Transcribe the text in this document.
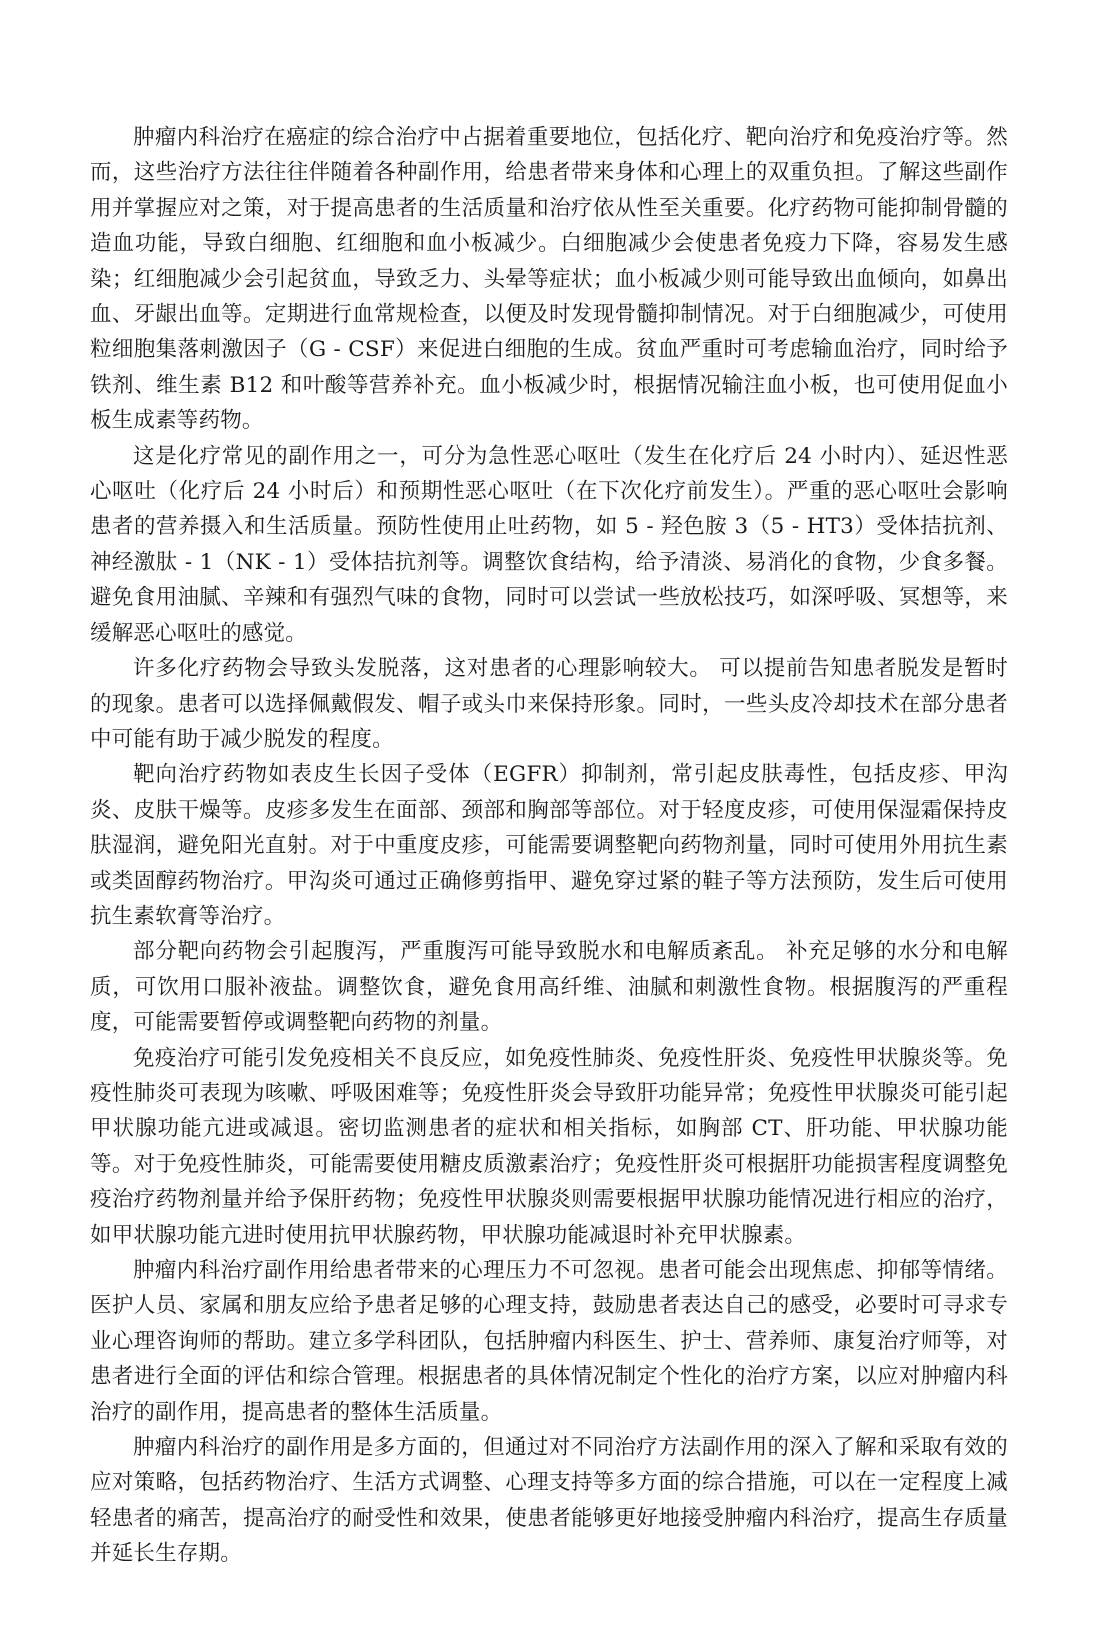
肿瘤内科治疗在癌症的综合治疗中占据着重要地位，包括化疗、靶向治疗和免疫治疗等。然而，这些治疗方法往往伴随着各种副作用，给患者带来身体和心理上的双重负担。了解这些副作用并掌握应对之策，对于提高患者的生活质量和治疗依从性至关重要。化疗药物可能抑制骨髓的造血功能，导致白细胞、红细胞和血小板减少。白细胞减少会使患者免疫力下降，容易发生感染；红细胞减少会引起贫血，导致乏力、头晕等症状；血小板减少则可能导致出血倾向，如鼻出血、牙龈出血等。定期进行血常规检查，以便及时发现骨髓抑制情况。对于白细胞减少，可使用粒细胞集落刺激因子（G - CSF）来促进白细胞的生成。贫血严重时可考虑输血治疗，同时给予铁剂、维生素 B12 和叶酸等营养补充。血小板减少时，根据情况输注血小板，也可使用促血小板生成素等药物。

这是化疗常见的副作用之一，可分为急性恶心呕吐（发生在化疗后 24 小时内）、延迟性恶心呕吐（化疗后 24 小时后）和预期性恶心呕吐（在下次化疗前发生）。严重的恶心呕吐会影响患者的营养摄入和生活质量。预防性使用止吐药物，如 5 - 羟色胺 3（5 - HT3）受体拮抗剂、神经激肽 - 1（NK - 1）受体拮抗剂等。调整饮食结构，给予清淡、易消化的食物，少食多餐。避免食用油腻、辛辣和有强烈气味的食物，同时可以尝试一些放松技巧，如深呼吸、冥想等，来缓解恶心呕吐的感觉。

许多化疗药物会导致头发脱落，这对患者的心理影响较大。 可以提前告知患者脱发是暂时的现象。患者可以选择佩戴假发、帽子或头巾来保持形象。同时，一些头皮冷却技术在部分患者中可能有助于减少脱发的程度。

靶向治疗药物如表皮生长因子受体（EGFR）抑制剂，常引起皮肤毒性，包括皮疹、甲沟炎、皮肤干燥等。皮疹多发生在面部、颈部和胸部等部位。对于轻度皮疹，可使用保湿霜保持皮肤湿润，避免阳光直射。对于中重度皮疹，可能需要调整靶向药物剂量，同时可使用外用抗生素或类固醇药物治疗。甲沟炎可通过正确修剪指甲、避免穿过紧的鞋子等方法预防，发生后可使用抗生素软膏等治疗。

部分靶向药物会引起腹泻，严重腹泻可能导致脱水和电解质紊乱。 补充足够的水分和电解质，可饮用口服补液盐。调整饮食，避免食用高纤维、油腻和刺激性食物。根据腹泻的严重程度，可能需要暂停或调整靶向药物的剂量。

免疫治疗可能引发免疫相关不良反应，如免疫性肺炎、免疫性肝炎、免疫性甲状腺炎等。免疫性肺炎可表现为咳嗽、呼吸困难等；免疫性肝炎会导致肝功能异常；免疫性甲状腺炎可能引起甲状腺功能亢进或减退。密切监测患者的症状和相关指标，如胸部 CT、肝功能、甲状腺功能等。对于免疫性肺炎，可能需要使用糖皮质激素治疗；免疫性肝炎可根据肝功能损害程度调整免疫治疗药物剂量并给予保肝药物；免疫性甲状腺炎则需要根据甲状腺功能情况进行相应的治疗，如甲状腺功能亢进时使用抗甲状腺药物，甲状腺功能减退时补充甲状腺素。

肿瘤内科治疗副作用给患者带来的心理压力不可忽视。患者可能会出现焦虑、抑郁等情绪。医护人员、家属和朋友应给予患者足够的心理支持，鼓励患者表达自己的感受，必要时可寻求专业心理咨询师的帮助。建立多学科团队，包括肿瘤内科医生、护士、营养师、康复治疗师等，对患者进行全面的评估和综合管理。根据患者的具体情况制定个性化的治疗方案，以应对肿瘤内科治疗的副作用，提高患者的整体生活质量。

肿瘤内科治疗的副作用是多方面的，但通过对不同治疗方法副作用的深入了解和采取有效的应对策略，包括药物治疗、生活方式调整、心理支持等多方面的综合措施，可以在一定程度上减轻患者的痛苦，提高治疗的耐受性和效果，使患者能够更好地接受肿瘤内科治疗，提高生存质量并延长生存期。
